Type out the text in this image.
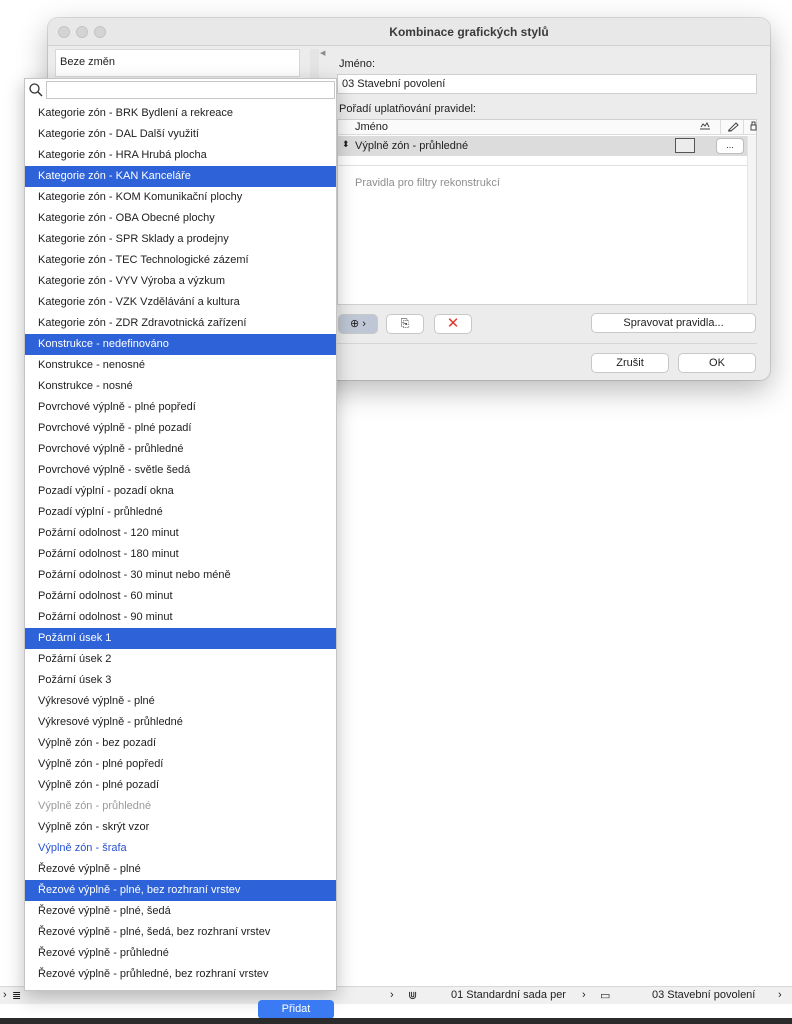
Kombinace grafických stylů
Beze změn
◀
Jméno:
03 Stavební povolení
Pořadí uplatňování pravidel:
Jméno
⬍ Výplně zón - průhledné	...
Pravidla pro filtry rekonstrukcí
⊕ ›	⎘	✕	Spravovat pravidla...
Zrušit	OK
› ≣	› ⋓	01 Standardní sada per › ▭	03 Stavební povolení ›
Kategorie zón - BRK Bydlení a rekreace
Kategorie zón - DAL Další využití
Kategorie zón - HRA Hrubá plocha
Kategorie zón - KAN Kanceláře
Kategorie zón - KOM Komunikační plochy
Kategorie zón - OBA Obecné plochy
Kategorie zón - SPR Sklady a prodejny
Kategorie zón - TEC Technologické zázemí
Kategorie zón - VYV Výroba a výzkum
Kategorie zón - VZK Vzdělávání a kultura
Kategorie zón - ZDR Zdravotnická zařízení
Konstrukce - nedefinováno
Konstrukce - nenosné
Konstrukce - nosné
Povrchové výplně - plné popředí
Povrchové výplně - plné pozadí
Povrchové výplně - průhledné
Povrchové výplně - světle šedá
Pozadí výplní - pozadí okna
Pozadí výplní - průhledné
Požární odolnost - 120 minut
Požární odolnost - 180 minut
Požární odolnost - 30 minut nebo méně
Požární odolnost - 60 minut
Požární odolnost - 90 minut
Požární úsek 1
Požární úsek 2
Požární úsek 3
Výkresové výplně - plné
Výkresové výplně - průhledné
Výplně zón - bez pozadí
Výplně zón - plné popředí
Výplně zón - plné pozadí
Výplně zón - průhledné
Výplně zón - skrýt vzor
Výplně zón - šrafa
Řezové výplně - plné
Řezové výplně - plné, bez rozhraní vrstev
Řezové výplně - plné, šedá
Řezové výplně - plné, šedá, bez rozhraní vrstev
Řezové výplně - průhledné
Řezové výplně - průhledné, bez rozhraní vrstev
Přidat
